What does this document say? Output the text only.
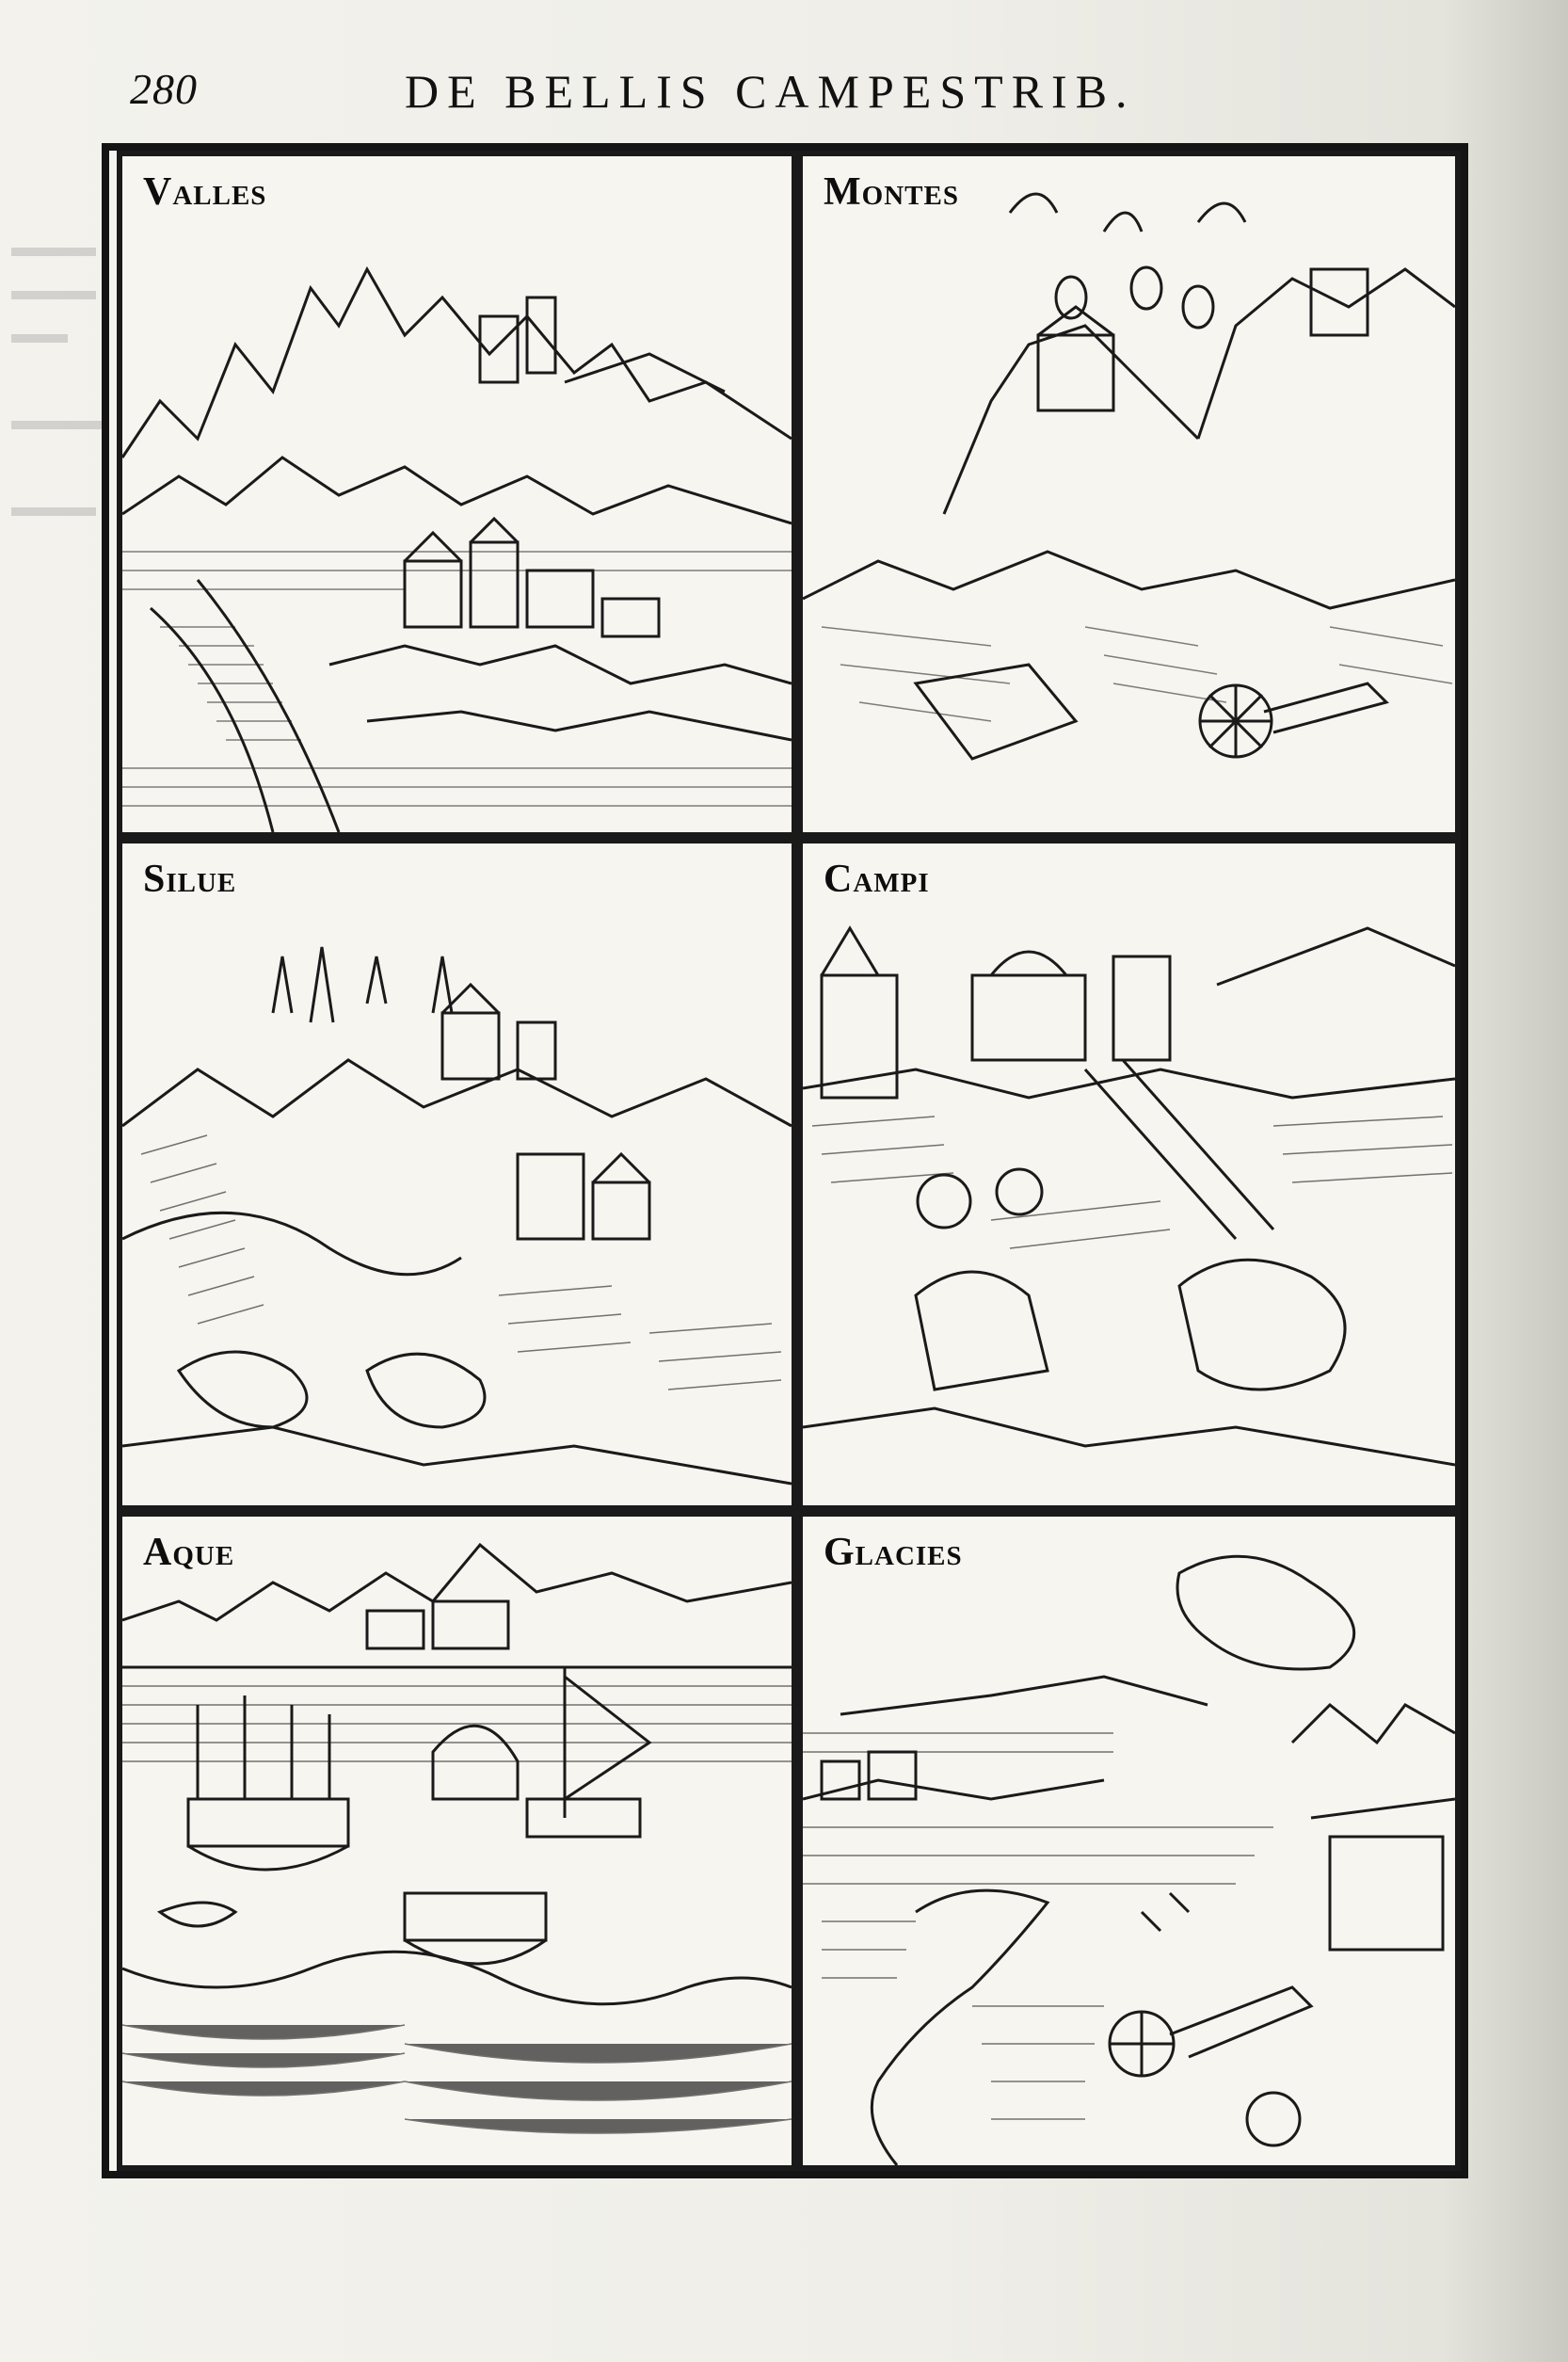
280	DE BELLIS CAMPESTRIB.
▬▬▬
▬▬▬
▬▬

▬▬▬▬

▬▬▬
Valles	Montes
Silue	Campi
Aque	Glacies
